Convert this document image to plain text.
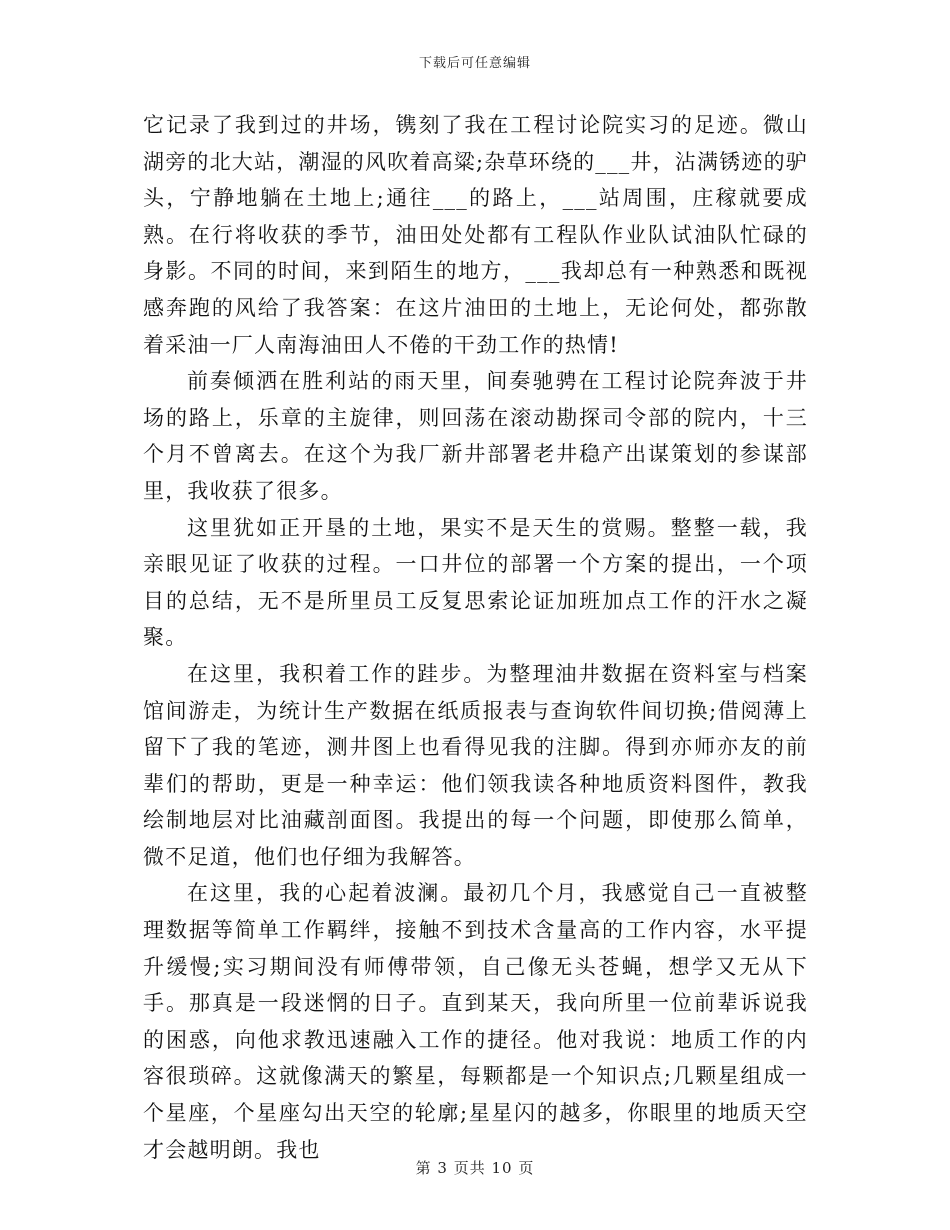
下载后可任意编辑

它记录了我到过的井场，镌刻了我在工程讨论院实习的足迹。微山湖旁的北大站，潮湿的风吹着高粱;杂草环绕的___井，沾满锈迹的驴头，宁静地躺在土地上;通往___的路上，___站周围，庄稼就要成熟。在行将收获的季节，油田处处都有工程队作业队试油队忙碌的身影。不同的时间，来到陌生的地方，___我却总有一种熟悉和既视感奔跑的风给了我答案：在这片油田的土地上，无论何处，都弥散着采油一厂人南海油田人不倦的干劲工作的热情!

前奏倾洒在胜利站的雨天里，间奏驰骋在工程讨论院奔波于井场的路上，乐章的主旋律，则回荡在滚动勘探司令部的院内，十三个月不曾离去。在这个为我厂新井部署老井稳产出谋策划的参谋部里，我收获了很多。

这里犹如正开垦的土地，果实不是天生的赏赐。整整一载，我亲眼见证了收获的过程。一口井位的部署一个方案的提出，一个项目的总结，无不是所里员工反复思索论证加班加点工作的汗水之凝聚。

在这里，我积着工作的跬步。为整理油井数据在资料室与档案馆间游走，为统计生产数据在纸质报表与查询软件间切换;借阅薄上留下了我的笔迹，测井图上也看得见我的注脚。得到亦师亦友的前辈们的帮助，更是一种幸运：他们领我读各种地质资料图件，教我绘制地层对比油藏剖面图。我提出的每一个问题，即使那么简单，微不足道，他们也仔细为我解答。

在这里，我的心起着波澜。最初几个月，我感觉自己一直被整理数据等简单工作羁绊，接触不到技术含量高的工作内容，水平提升缓慢;实习期间没有师傅带领，自己像无头苍蝇，想学又无从下手。那真是一段迷惘的日子。直到某天，我向所里一位前辈诉说我的困惑，向他求教迅速融入工作的捷径。他对我说：地质工作的内容很琐碎。这就像满天的繁星，每颗都是一个知识点;几颗星组成一个星座，个星座勾出天空的轮廓;星星闪的越多，你眼里的地质天空才会越明朗。我也

第 3 页共 10 页
